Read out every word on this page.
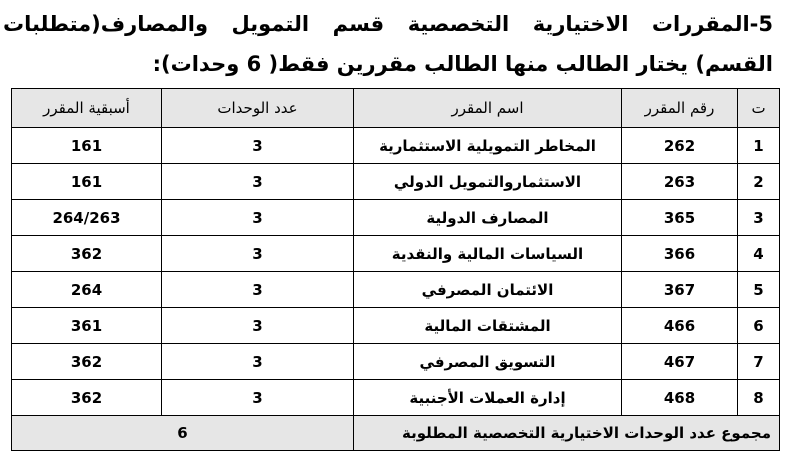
5-المقررات الاختيارية التخصصية قسم التمويل والمصارف(متطلبات
القسم) يختار الطالب منها الطالب مقررين فقط( 6 وحدات):
ت	رقم المقرر	اسم المقرر	عدد الوحدات	أسبقية المقرر
1	262	المخاطر التمويلية الاستثمارية	3	161
2	263	الاستثماروالتمويل الدولي	3	161
3	365	المصارف الدولية	3	264/263
4	366	السياسات المالية والنقدية	3	362
5	367	الائتمان المصرفي	3	264
6	466	المشتقات المالية	3	361
7	467	التسويق المصرفي	3	362
8	468	إدارة العملات الأجنبية	3	362
مجموع عدد الوحدات الاختيارية التخصصية المطلوبة			6	
